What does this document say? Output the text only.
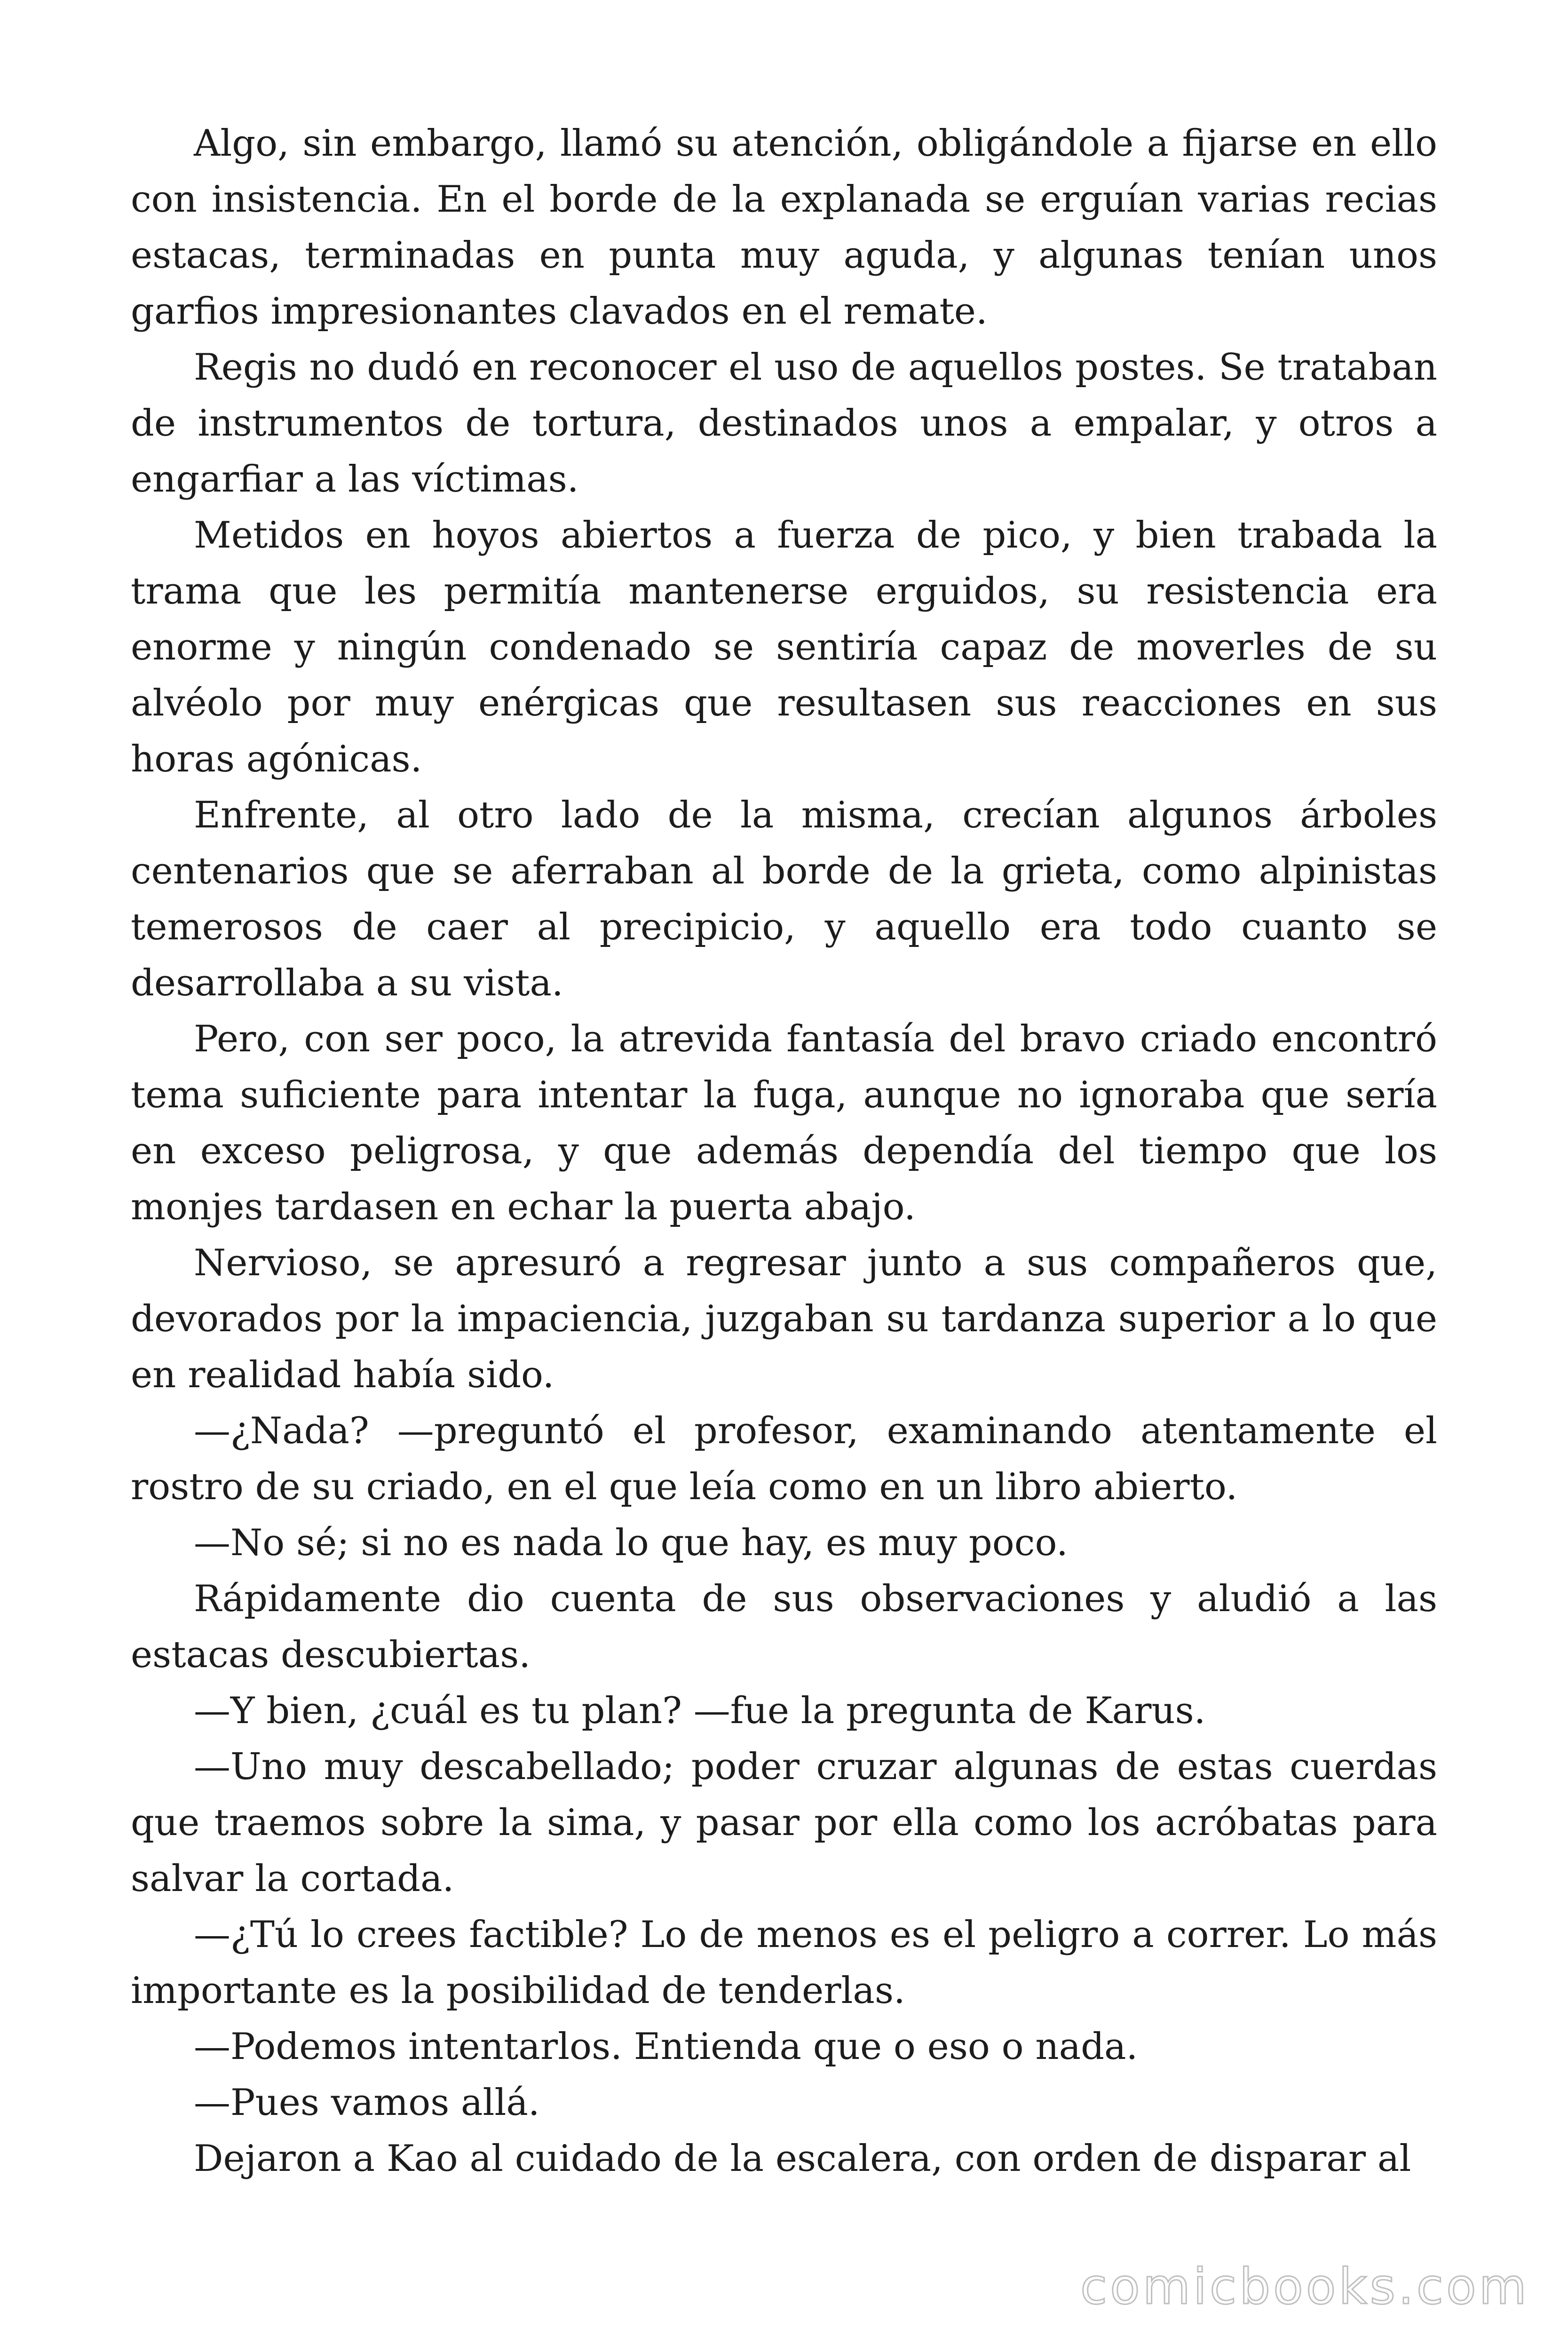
Algo, sin embargo, llamó su atención, obligándole a fijarse en ello con insistencia. En el borde de la explanada se erguían varias recias estacas, terminadas en punta muy aguda, y algunas tenían unos garfios impresionantes clavados en el remate.

Regis no dudó en reconocer el uso de aquellos postes. Se trataban de instrumentos de tortura, destinados unos a empalar, y otros a engarfiar a las víctimas.

Metidos en hoyos abiertos a fuerza de pico, y bien trabada la trama que les permitía mantenerse erguidos, su resistencia era enorme y ningún condenado se sentiría capaz de moverles de su alvéolo por muy enérgicas que resultasen sus reacciones en sus horas agónicas.

Enfrente, al otro lado de la misma, crecían algunos árboles centenarios que se aferraban al borde de la grieta, como alpinistas temerosos de caer al precipicio, y aquello era todo cuanto se desarrollaba a su vista.

Pero, con ser poco, la atrevida fantasía del bravo criado encontró tema suficiente para intentar la fuga, aunque no ignoraba que sería en exceso peligrosa, y que además dependía del tiempo que los monjes tardasen en echar la puerta abajo.

Nervioso, se apresuró a regresar junto a sus compañeros que, devorados por la impaciencia, juzgaban su tardanza superior a lo que en realidad había sido.

—¿Nada? —preguntó el profesor, examinando atentamente el rostro de su criado, en el que leía como en un libro abierto.

—No sé; si no es nada lo que hay, es muy poco.

Rápidamente dio cuenta de sus observaciones y aludió a las estacas descubiertas.

—Y bien, ¿cuál es tu plan? —fue la pregunta de Karus.

—Uno muy descabellado; poder cruzar algunas de estas cuerdas que traemos sobre la sima, y pasar por ella como los acróbatas para salvar la cortada.

—¿Tú lo crees factible? Lo de menos es el peligro a correr. Lo más importante es la posibilidad de tenderlas.

—Podemos intentarlos. Entienda que o eso o nada.

—Pues vamos allá.

Dejaron a Kao al cuidado de la escalera, con orden de disparar al

comicbooks.com
